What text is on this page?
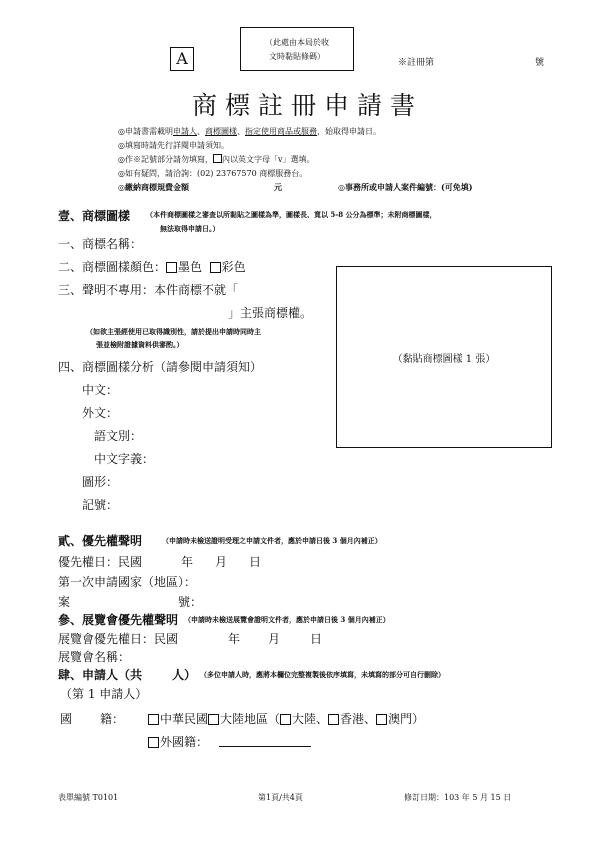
A
（此處由本局於收
文時黏貼條碼）
※註冊第	號
商標註冊申請書
◎申請書需載明申請人、商標圖樣、指定使用商品或服務，始取得申請日。
◎填寫時請先行詳閱申請須知。
◎作※記號部分請勿填寫， 內以英文字母「v」選填。
◎如有疑問，請洽詢：(02) 23767570 商標服務台。
◎繳納商標規費金額	元	◎事務所或申請人案件編號：(可免填)
壹、商標圖樣 （本件商標圖樣之審查以所黏貼之圖樣為準，圖樣長、寬以 5-8 公分為標準；未附商標圖樣，
無法取得申請日。）
一、商標名稱：
二、商標圖樣顏色： 墨色 彩色
三、聲明不專用：本件商標不就「
」主張商標權。
（如欲主張經使用已取得識別性，請於提出申請時同時主
張並檢附證據資料供審酌。）
四、商標圖樣分析（請參閱申請須知）
中文：
外文：
語文別：
中文字義：
圖形：
記號：
（黏貼商標圖樣 1 張）
貳、優先權聲明	（申請時未檢送證明受理之申請文件者，應於申請日後 3 個月內補正）
優先權日：民國	年 月 日
第一次申請國家（地區）：
案	號：
參、展覽會優先權聲明 （申請時未檢送展覽會證明文件者，應於申請日後 3 個月內補正）
展覽會優先權日：民國	年 月 日
展覽會名稱：
肆、申請人（共 人） （多位申請人時，應將本欄位完整複製後依序填寫，未填寫的部分可自行刪除）
（第 1 申請人）
國 籍：	中華民國 大陸地區（ 大陸、 香港、 澳門）
外國籍：
表單編號 T0101	第1頁/共4頁	修訂日期：103 年 5 月 15 日
